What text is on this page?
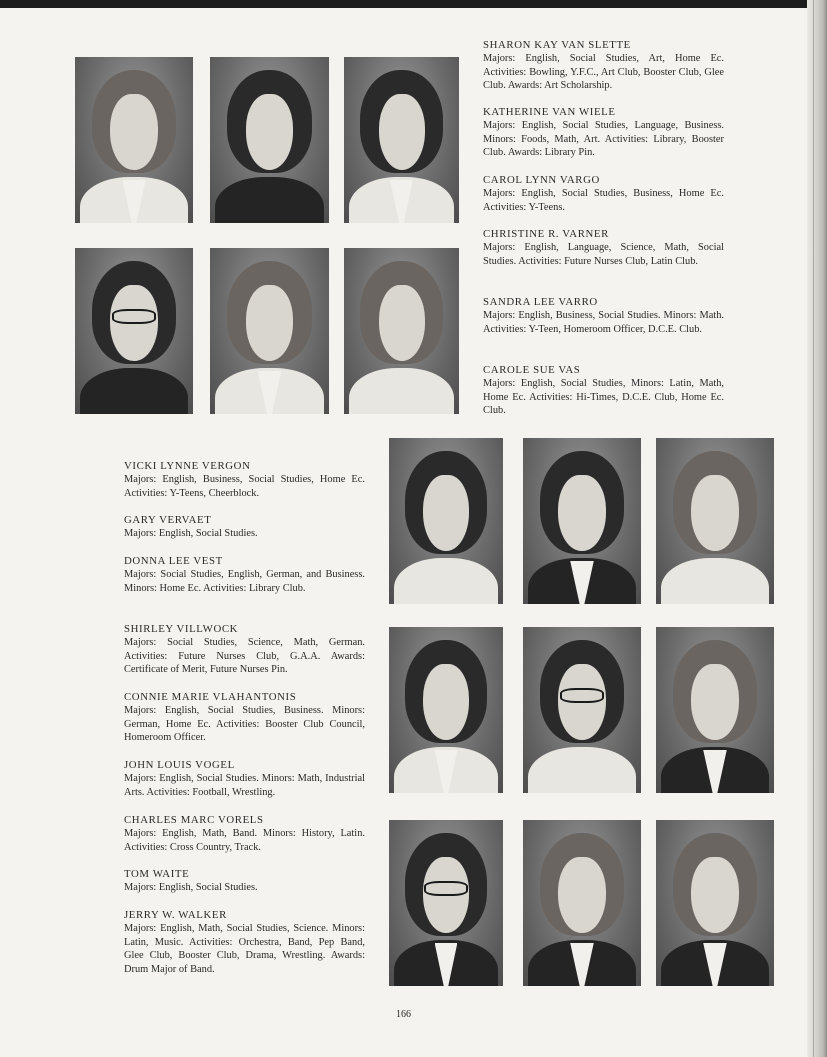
SHARON KAY VAN SLETTE
Majors: English, Social Studies, Art, Home Ec. Activities: Bowling, Y.F.C., Art Club, Booster Club, Glee Club. Awards: Art Scholarship.
KATHERINE VAN WIELE
Majors: English, Social Studies, Language, Business. Minors: Foods, Math, Art. Activities: Library, Booster Club. Awards: Library Pin.
CAROL LYNN VARGO
Majors: English, Social Studies, Business, Home Ec. Activities: Y-Teens.
CHRISTINE R. VARNER
Majors: English, Language, Science, Math, Social Studies. Activities: Future Nurses Club, Latin Club.
SANDRA LEE VARRO
Majors: English, Business, Social Studies. Minors: Math. Activities: Y-Teen, Homeroom Officer, D.C.E. Club.
CAROLE SUE VAS
Majors: English, Social Studies, Minors: Latin, Math, Home Ec. Activities: Hi-Times, D.C.E. Club, Home Ec. Club.
VICKI LYNNE VERGON
Majors: English, Business, Social Studies, Home Ec. Activities: Y-Teens, Cheerblock.
GARY VERVAET
Majors: English, Social Studies.
DONNA LEE VEST
Majors: Social Studies, English, German, and Business. Minors: Home Ec. Activities: Library Club.
SHIRLEY VILLWOCK
Majors: Social Studies, Science, Math, German. Activities: Future Nurses Club, G.A.A. Awards: Certificate of Merit, Future Nurses Pin.
CONNIE MARIE VLAHANTONIS
Majors: English, Social Studies, Business. Minors: German, Home Ec. Activities: Booster Club Council, Homeroom Officer.
JOHN LOUIS VOGEL
Majors: English, Social Studies. Minors: Math, Industrial Arts. Activities: Football, Wrestling.
CHARLES MARC VORELS
Majors: English, Math, Band. Minors: History, Latin. Activities: Cross Country, Track.
TOM WAITE
Majors: English, Social Studies.
JERRY W. WALKER
Majors: English, Math, Social Studies, Science. Minors: Latin, Music. Activities: Orchestra, Band, Pep Band, Glee Club, Booster Club, Drama, Wrestling. Awards: Drum Major of Band.
166
